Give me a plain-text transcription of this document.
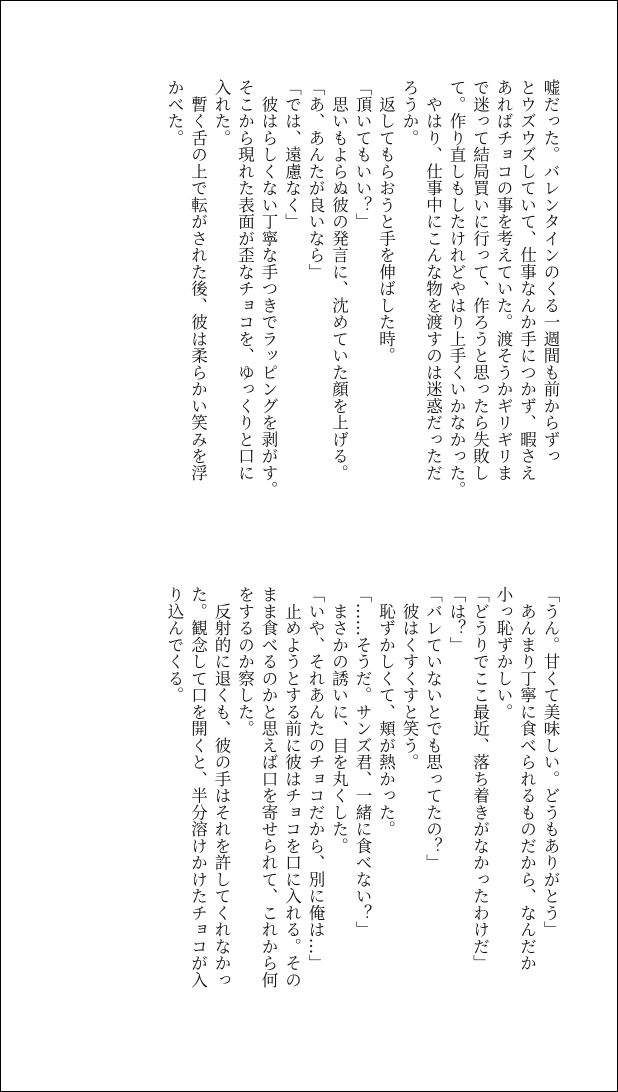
嘘だった。バレンタインのくる一週間も前からずっ
とウズウズしていて、仕事なんか手につかず、暇さえ
あればチョコの事を考えていた。渡そうかギリギリま
で迷って結局買いに行って、作ろうと思ったら失敗し
て。作り直しもしたけれどやはり上手くいかなかった。
　やはり、仕事中にこんな物を渡すのは迷惑だっただ
ろうか。
　返してもらおうと手を伸ばした時。
「頂いてもいい？」
　思いもよらぬ彼の発言に、沈めていた顔を上げる。
「あ、あんたが良いなら」
「では、遠慮なく」
　彼はらしくない丁寧な手つきでラッピングを剥がす。
そこから現れた表面が歪なチョコを、ゆっくりと口に
入れた。
　暫く舌の上で転がされた後、彼は柔らかい笑みを浮
かべた。
「うん。甘くて美味しい。どうもありがとう」
　あんまり丁寧に食べられるものだから、なんだか
小っ恥ずかしい。
「どうりでここ最近、落ち着きがなかったわけだ」
「は？」
「バレていないとでも思ってたの？」
　彼はくすくすと笑う。
　恥ずかしくて、頬が熱かった。
「……そうだ。サンズ君、一緒に食べない？」
　まさかの誘いに、目を丸くした。
「いや、それあんたのチョコだから、別に俺は…」
　止めようとする前に彼はチョコを口に入れる。その
まま食べるのかと思えば口を寄せられて、これから何
をするのか察した。
　反射的に退くも、彼の手はそれを許してくれなかっ
た。観念して口を開くと、半分溶けかけたチョコが入
り込んでくる。
